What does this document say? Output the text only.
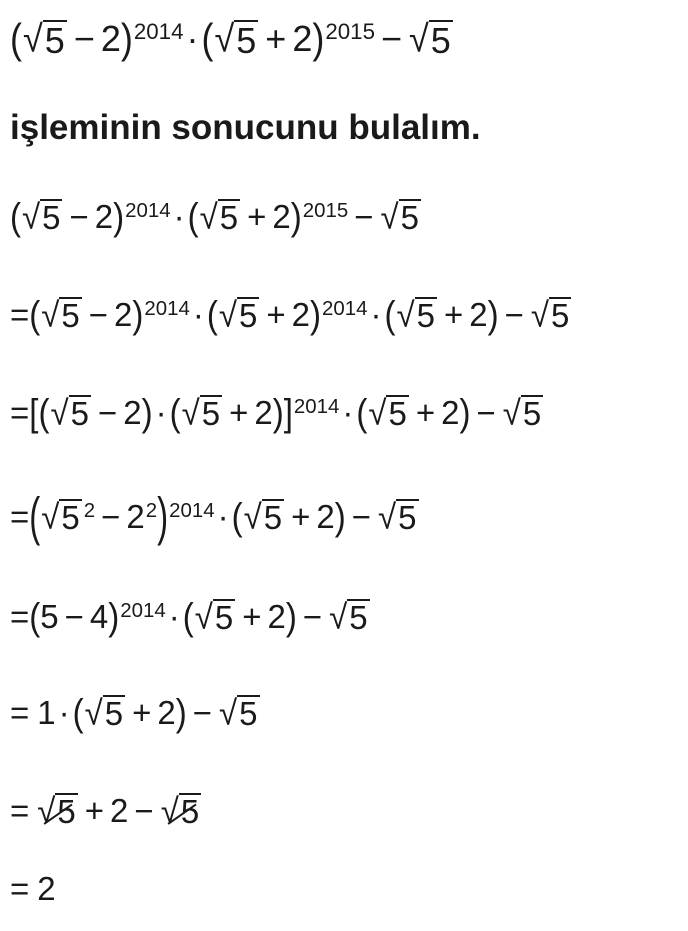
( √ 5 − 2 )$^{2014}$ · ( √ 5 + 2 )$^{2015}$ − √ 5
işleminin sonucunu bulalım.
( √ 5 − 2 )$^{2014}$ · ( √ 5 + 2 )$^{2015}$ − √ 5
= ( √ 5 − 2 )$^{2014}$ · ( √ 5 + 2 )$^{2014}$ · ( √ 5 + 2 ) − √ 5
= [ ( √ 5 − 2 ) · ( √ 5 + 2 ) ]$^{2014}$ · ( √ 5 + 2 ) − √ 5
= ( √ $5^2 - 2^2$ )$^{2014}$ · ( √ 5 + 2 ) − √ 5
= ( 5 − 4 )$^{2014}$ · ( √ 5 + 2 ) − √ 5
= 1 · ( √ 5 + 2 ) − √ 5
= √ 5 + 2 − √ 5
= 2
